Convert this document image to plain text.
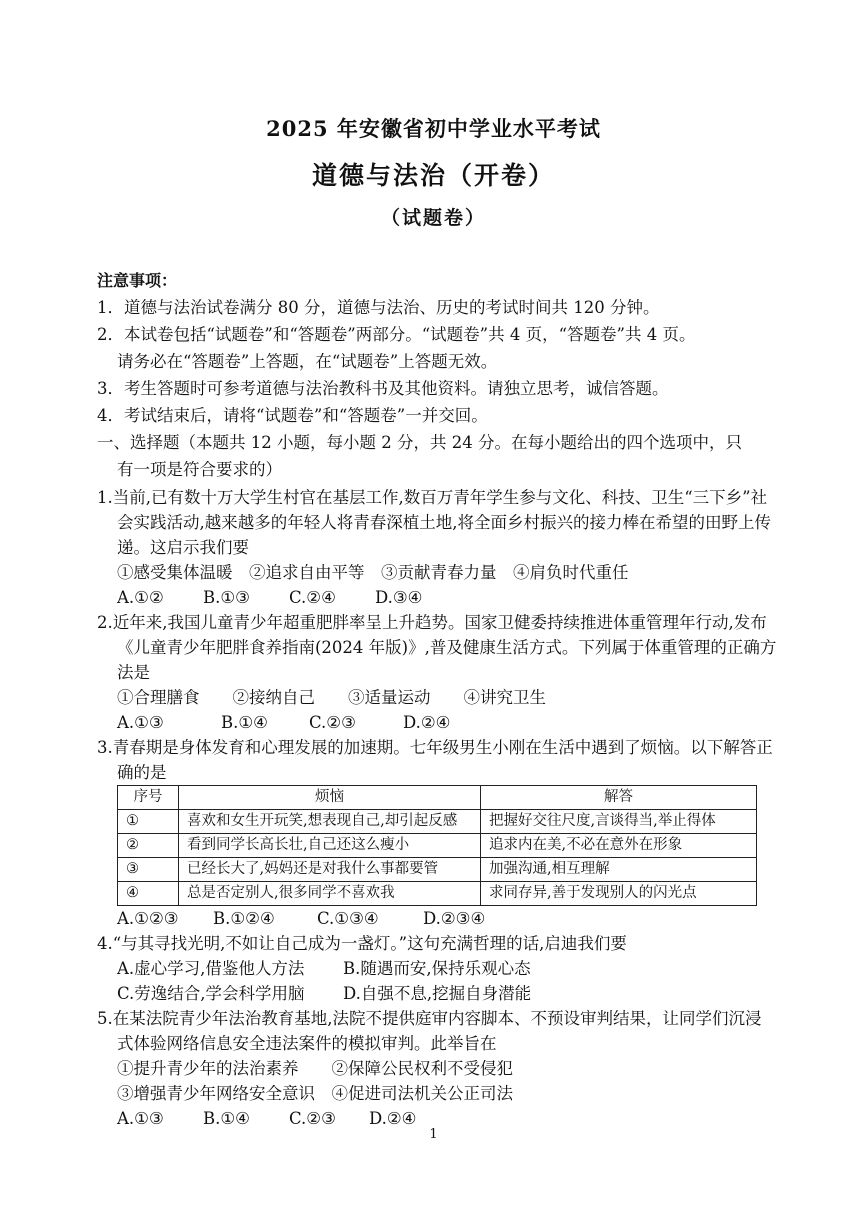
2025 年安徽省初中学业水平考试
道德与法治（开卷）
（试题卷）
注意事项：
1．道德与法治试卷满分 80 分，道德与法治、历史的考试时间共 120 分钟。
2．本试卷包括“试题卷”和“答题卷”两部分。“试题卷”共 4 页，“答题卷”共 4 页。
请务必在“答题卷”上答题，在“试题卷”上答题无效。
3．考生答题时可参考道德与法治教科书及其他资料。请独立思考，诚信答题。
4．考试结束后，请将“试题卷”和“答题卷”一并交回。
一、选择题（本题共 12 小题，每小题 2 分，共 24 分。在每小题给出的四个选项中，只
有一项是符合要求的）
1.当前,已有数十万大学生村官在基层工作,数百万青年学生参与文化、科技、卫生“三下乡”社会实践活动,越来越多的年轻人将青春深植土地,将全面乡村振兴的接力棒在希望的田野上传递。这启示我们要
①感受集体温暖　②追求自由平等　③贡献青春力量　④肩负时代重任
A.①②	B.①③	C.②④	D.③④
2.近年来,我国儿童青少年超重肥胖率呈上升趋势。国家卫健委持续推进体重管理年行动,发布《儿童青少年肥胖食养指南(2024 年版)》,普及健康生活方式。下列属于体重管理的正确方法是
①合理膳食　　②接纳自己　　③适量运动　　④讲究卫生
A.①③	B.①④	C.②③	D.②④
3.青春期是身体发育和心理发展的加速期。七年级男生小刚在生活中遇到了烦恼。以下解答正确的是
序号	烦恼	解答
①	喜欢和女生开玩笑,想表现自己,却引起反感	把握好交往尺度,言谈得当,举止得体
②	看到同学长高长壮,自己还这么瘦小	追求内在美,不必在意外在形象
③	已经长大了,妈妈还是对我什么事都要管	加强沟通,相互理解
④	总是否定别人,很多同学不喜欢我	求同存异,善于发现别人的闪光点
A.①②③	B.①②④	C.①③④	D.②③④
4.“与其寻找光明,不如让自己成为一盏灯。”这句充满哲理的话,启迪我们要
A.虚心学习,借鉴他人方法	B.随遇而安,保持乐观心态
C.劳逸结合,学会科学用脑	D.自强不息,挖掘自身潜能
5.在某法院青少年法治教育基地,法院不提供庭审内容脚本、不预设审判结果，让同学们沉浸式体验网络信息安全违法案件的模拟审判。此举旨在
①提升青少年的法治素养　　②保障公民权利不受侵犯
③增强青少年网络安全意识　④促进司法机关公正司法
A.①③	B.①④	C.②③	D.②④
1
